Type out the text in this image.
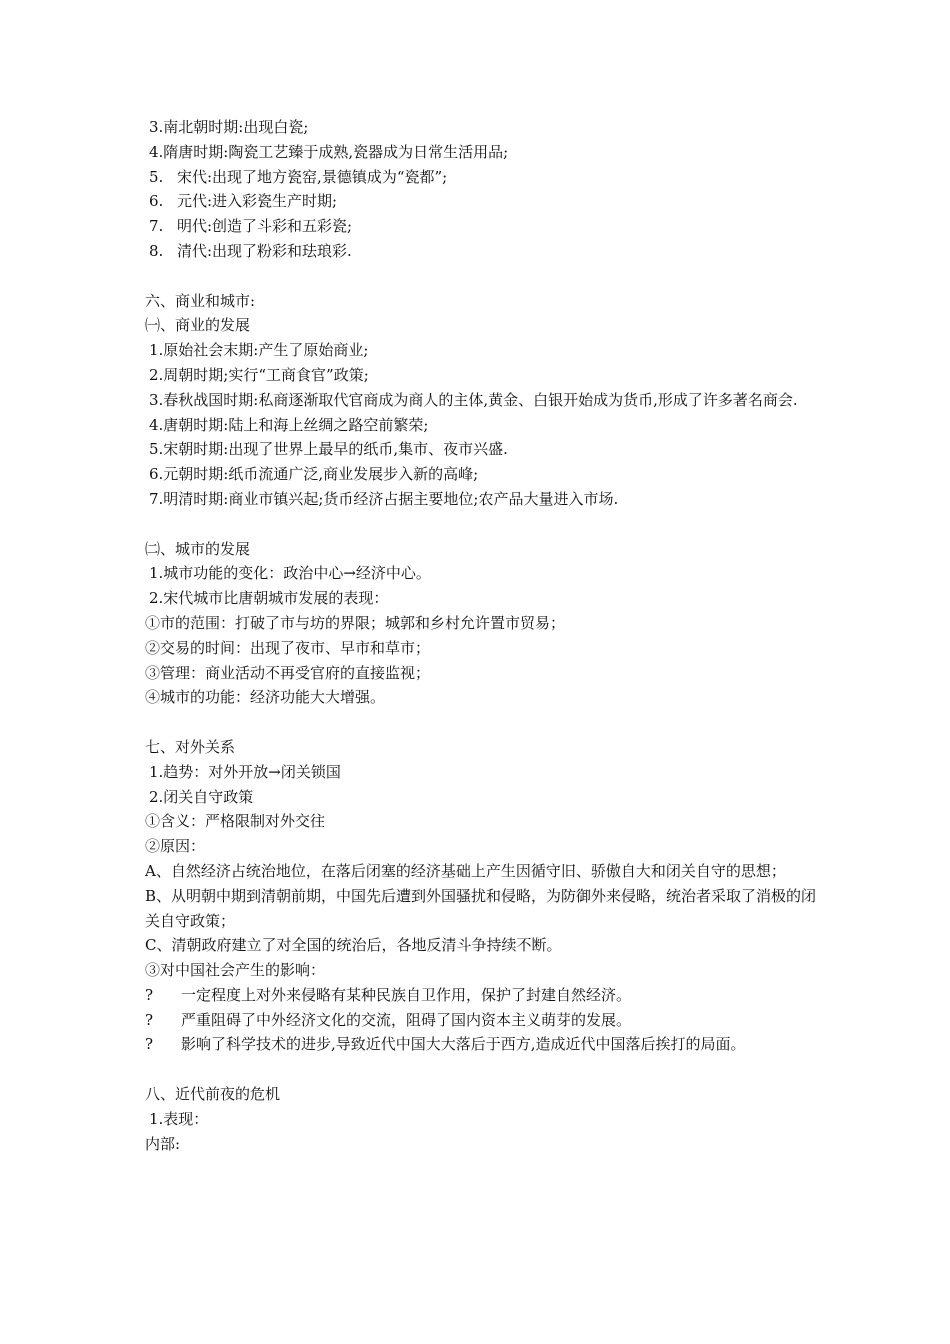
3.南北朝时期:出现白瓷;
4.隋唐时期:陶瓷工艺臻于成熟,瓷器成为日常生活用品;
5. 宋代:出现了地方瓷窑,景德镇成为“瓷都”;
6. 元代:进入彩瓷生产时期;
7. 明代:创造了斗彩和五彩瓷;
8. 清代:出现了粉彩和珐琅彩.
六、商业和城市:
㈠、商业的发展
1.原始社会末期:产生了原始商业;
2.周朝时期;实行“工商食官”政策;
3.春秋战国时期:私商逐渐取代官商成为商人的主体,黄金、白银开始成为货币,形成了许多著名商会.
4.唐朝时期:陆上和海上丝绸之路空前繁荣;
5.宋朝时期:出现了世界上最早的纸币,集市、夜市兴盛.
6.元朝时期:纸币流通广泛,商业发展步入新的高峰;
7.明清时期:商业市镇兴起;货币经济占据主要地位;农产品大量进入市场.
㈡、城市的发展
1.城市功能的变化：政治中心→经济中心。
2.宋代城市比唐朝城市发展的表现：
①市的范围：打破了市与坊的界限；城郭和乡村允许置市贸易；
②交易的时间：出现了夜市、早市和草市；
③管理：商业活动不再受官府的直接监视；
④城市的功能：经济功能大大增强。
七、对外关系
1.趋势：对外开放→闭关锁国
2.闭关自守政策
①含义：严格限制对外交往
②原因：
A、自然经济占统治地位，在落后闭塞的经济基础上产生因循守旧、骄傲自大和闭关自守的思想；
B、从明朝中期到清朝前期，中国先后遭到外国骚扰和侵略，为防御外来侵略，统治者采取了消极的闭关自守政策；
C、清朝政府建立了对全国的统治后，各地反清斗争持续不断。
③对中国社会产生的影响：
? 一定程度上对外来侵略有某种民族自卫作用，保护了封建自然经济。
? 严重阻碍了中外经济文化的交流，阻碍了国内资本主义萌芽的发展。
? 影响了科学技术的进步,导致近代中国大大落后于西方,造成近代中国落后挨打的局面。
八、近代前夜的危机
1.表现：
内部:
